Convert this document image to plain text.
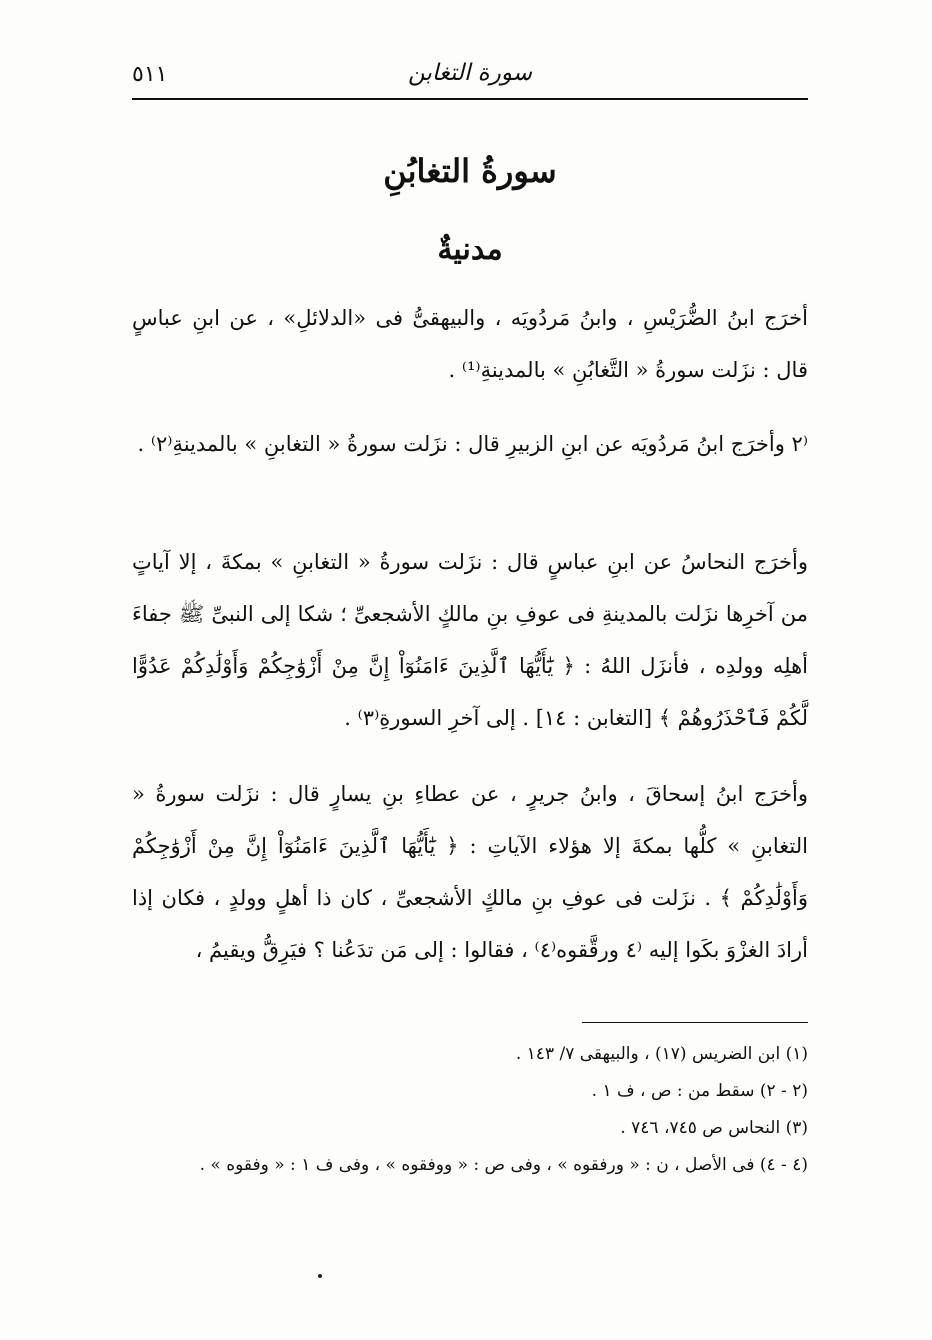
٥١١	سورة التغابن
سورةُ التغابُنِ
مدنيةٌ
أخرَج ابنُ الضُّرَيْسِ ، وابنُ مَردُويَه ، والبيهقىُّ فى «الدلائلِ» ، عن ابنِ عباسٍ قال : نزَلت سورةُ « التَّغابُنِ » بالمدينةِ⁽¹⁾ .
⁽٢ وأخرَج ابنُ مَردُويَه عن ابنِ الزبيرِ قال : نزَلت سورةُ « التغابنِ » بالمدينةِ⁽٢⁾ .
وأخرَج النحاسُ عن ابنِ عباسٍ قال : نزَلت سورةُ « التغابنِ » بمكةَ ، إلا آياتٍ من آخرِها نزَلت بالمدينةِ فى عوفِ بنِ مالكٍ الأشجعىِّ ؛ شكا إلى النبىِّ ﷺ جفاءَ أهلِه وولدِه ، فأنزَل اللهُ : ﴿ يَٰٓأَيُّهَا ٱلَّذِينَ ءَامَنُوٓاْ إِنَّ مِنْ أَزْوَٰجِكُمْ وَأَوْلَٰدِكُمْ عَدُوًّا لَّكُمْ فَٱحْذَرُوهُمْ ﴾ [التغابن : ١٤] . إلى آخرِ السورةِ⁽٣⁾ .
وأخرَج ابنُ إسحاقَ ، وابنُ جريرٍ ، عن عطاءِ بنِ يسارٍ قال : نزَلت سورةُ « التغابنِ » كلُّها بمكةَ إلا هؤلاء الآياتِ : ﴿ يَٰٓأَيُّهَا ٱلَّذِينَ ءَامَنُوٓاْ إِنَّ مِنْ أَزْوَٰجِكُمْ وَأَوْلَٰدِكُمْ ﴾ . نزَلت فى عوفِ بنِ مالكٍ الأشجعىِّ ، كان ذا أهلٍ وولدٍ ، فكان إذا أرادَ الغزْوَ بكَوا إليه ⁽٤ ورقَّقوه⁽٤⁾ ، فقالوا : إلى مَن تدَعُنا ؟ فيَرِقُّ ويقيمُ ،
(١) ابن الضريس (١٧) ، والبيهقى ٧/ ١٤٣ .
(٢ - ٢) سقط من : ص ، ف ١ .
(٣) النحاس ص ٧٤٥، ٧٤٦ .
(٤ - ٤) فى الأصل ، ن : « ورفقوه » ، وفى ص : « ووفقوه » ، وفى ف ١ : « وفقوه » .
